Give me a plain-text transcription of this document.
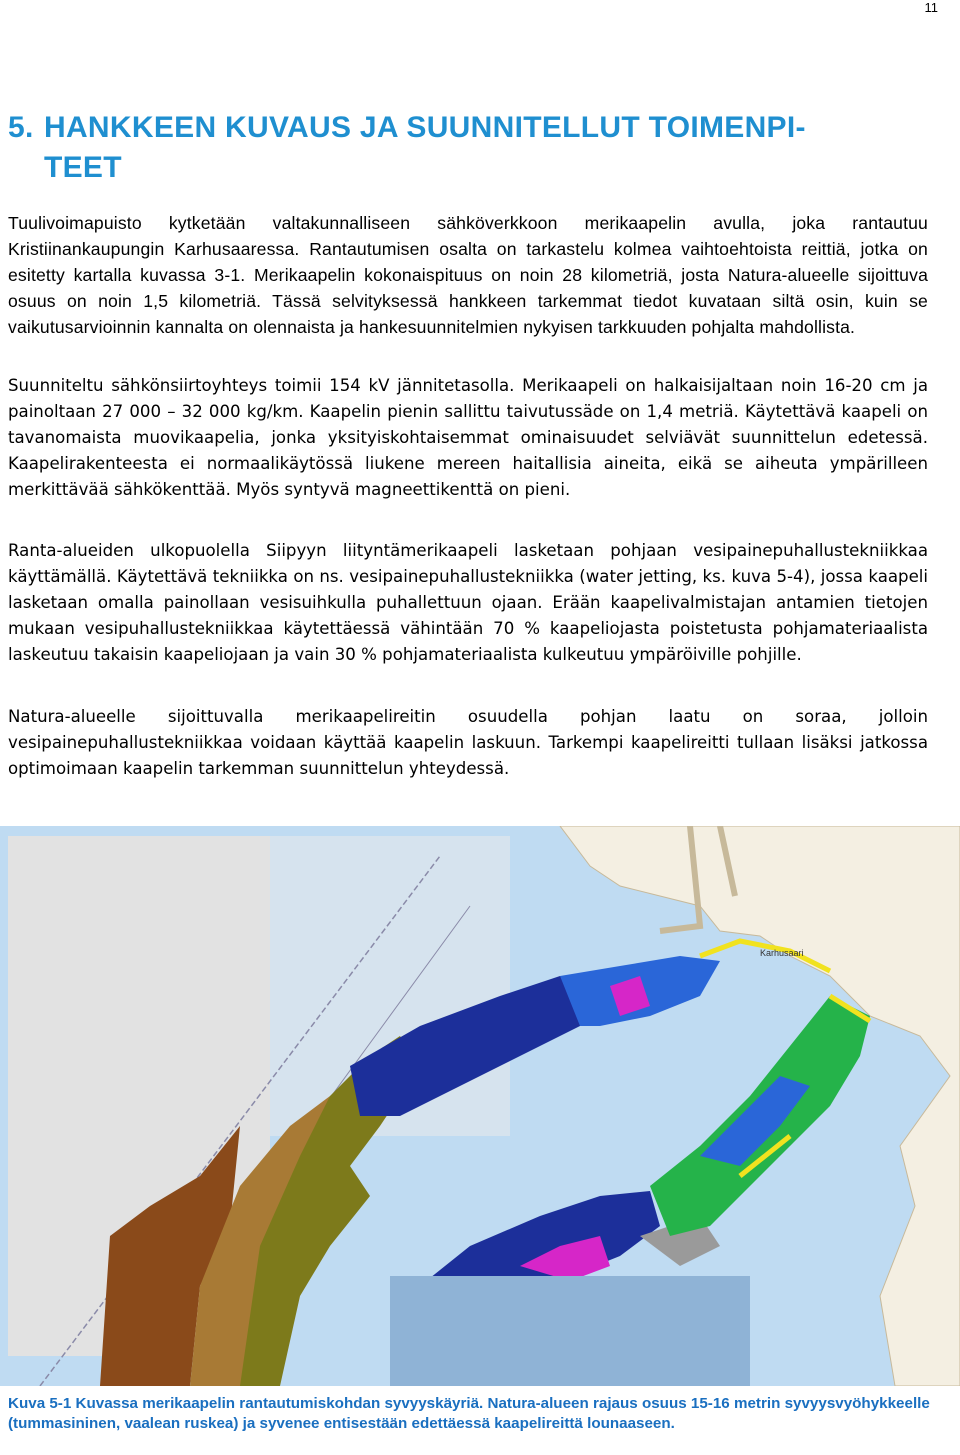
11
5. HANKKEEN KUVAUS JA SUUNNITELLUT TOIMENPI-
TEET

Tuulivoimapuisto kytketään valtakunnalliseen sähköverkkoon merikaapelin avulla, joka rantautuu Kristiinankaupungin Karhusaaressa. Rantautumisen osalta on tarkastelu kolmea vaihtoehtoista reittiä, jotka on esitetty kartalla kuvassa 3-1. Merikaapelin kokonaispituus on noin 28 kilometriä, josta Natura-alueelle sijoittuva osuus on noin 1,5 kilometriä. Tässä selvityksessä hankkeen tarkemmat tiedot kuvataan siltä osin, kuin se vaikutusarvioinnin kannalta on olennaista ja hankesuunnitelmien nykyisen tarkkuuden pohjalta mahdollista.

Suunniteltu sähkönsiirtoyhteys toimii 154 kV jännitetasolla. Merikaapeli on halkaisijaltaan noin 16-20 cm ja painoltaan 27 000 – 32 000 kg/km. Kaapelin pienin sallittu taivutussäde on 1,4 metriä. Käytettävä kaapeli on tavanomaista muovikaapelia, jonka yksityiskohtaisemmat ominaisuudet selviävät suunnittelun edetessä. Kaapelirakenteesta ei normaalikäytössä liukene mereen haitallisia aineita, eikä se aiheuta ympärilleen merkittävää sähkökenttää. Myös syntyvä magneettikenttä on pieni.

Ranta-alueiden ulkopuolella Siipyyn liityntämerikaapeli lasketaan pohjaan vesipainepuhallustekniikkaa käyttämällä. Käytettävä tekniikka on ns. vesipainepuhallustekniikka (water jetting, ks. kuva 5-4), jossa kaapeli lasketaan omalla painollaan vesisuihkulla puhallettuun ojaan. Erään kaapelivalmistajan antamien tietojen mukaan vesipuhallustekniikkaa käytettäessä vähintään 70 % kaapeliojasta poistetusta pohjamateriaalista laskeutuu takaisin kaapeliojaan ja vain 30 % pohjamateriaalista kulkeutuu ympäröiville pohjille.

Natura-alueelle sijoittuvalla merikaapelireitin osuudella pohjan laatu on soraa, jolloin vesipainepuhallustekniikkaa voidaan käyttää kaapelin laskuun. Tarkempi kaapelireitti tullaan lisäksi jatkossa optimoimaan kaapelin tarkemman suunnittelun yhteydessä.

Karhusaari

Kuva 5-1 Kuvassa merikaapelin rantautumiskohdan syvyyskäyriä. Natura-alueen rajaus osuus 15-16 metrin syvyysvyöhykkeelle (tummasininen, vaalean ruskea) ja syvenee entisestään edettäessä kaapelireittä lounaaseen.
